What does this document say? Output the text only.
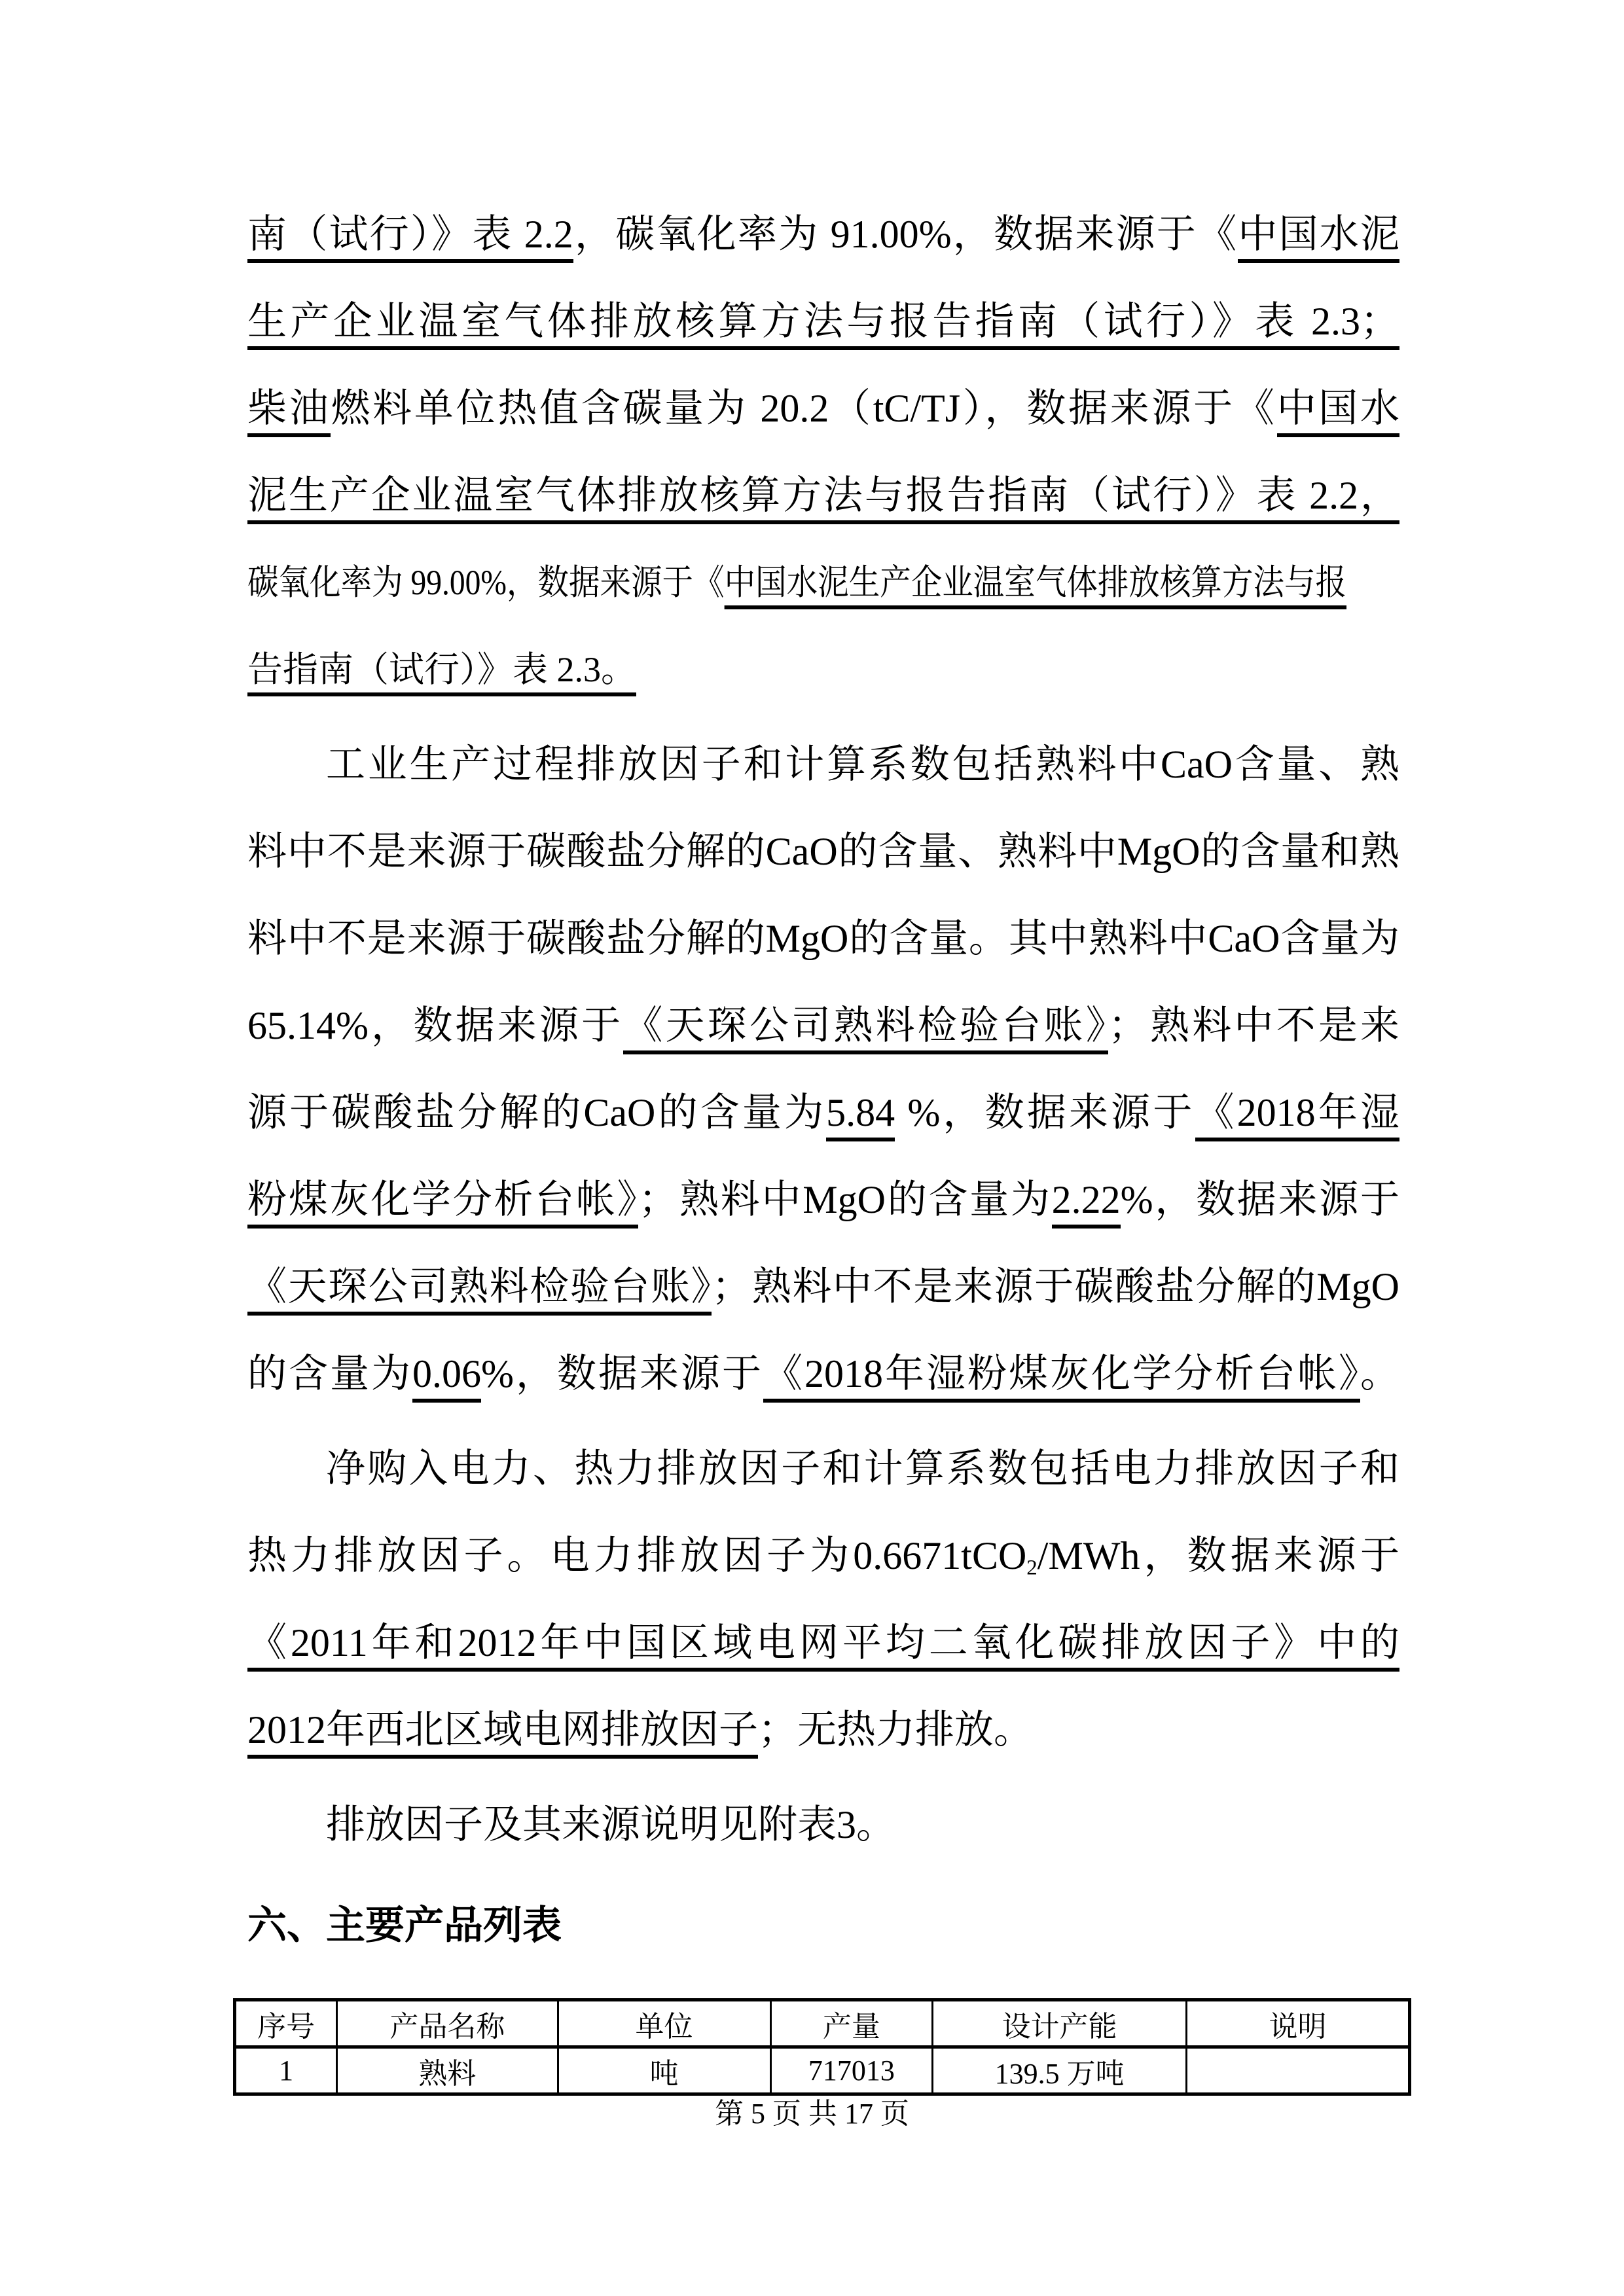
南（试行）》表 2.2，碳氧化率为 91.00%，数据来源于《中国水泥
生产企业温室气体排放核算方法与报告指南（试行）》表 2.3；
柴油燃料单位热值含碳量为 20.2（tC/TJ），数据来源于《中国水
泥生产企业温室气体排放核算方法与报告指南（试行）》表 2.2，
碳氧化率为 99.00%，数据来源于《中国水泥生产企业温室气体排放核算方法与报
告指南（试行）》表 2.3。
工业生产过程排放因子和计算系数包括熟料中CaO含量、熟
料中不是来源于碳酸盐分解的CaO的含量、熟料中MgO的含量和熟
料中不是来源于碳酸盐分解的MgO的含量。其中熟料中CaO含量为
65.14%，数据来源于《天琛公司熟料检验台账》；熟料中不是来
源于碳酸盐分解的CaO的含量为5.84 %，数据来源于《2018年湿
粉煤灰化学分析台帐》；熟料中MgO的含量为2.22%，数据来源于
《天琛公司熟料检验台账》；熟料中不是来源于碳酸盐分解的MgO
的含量为0.06%，数据来源于《2018年湿粉煤灰化学分析台帐》。
净购入电力、热力排放因子和计算系数包括电力排放因子和
热力排放因子。电力排放因子为0.6671tCO$_2$/MWh，数据来源于
《2011年和2012年中国区域电网平均二氧化碳排放因子》中的
2012年西北区域电网排放因子；无热力排放。
排放因子及其来源说明见附表3。
六、主要产品列表
序号	产品名称	单位	产量	设计产能	说明
1	熟料	吨	717013	139.5 万吨	
第 5 页 共 17 页
